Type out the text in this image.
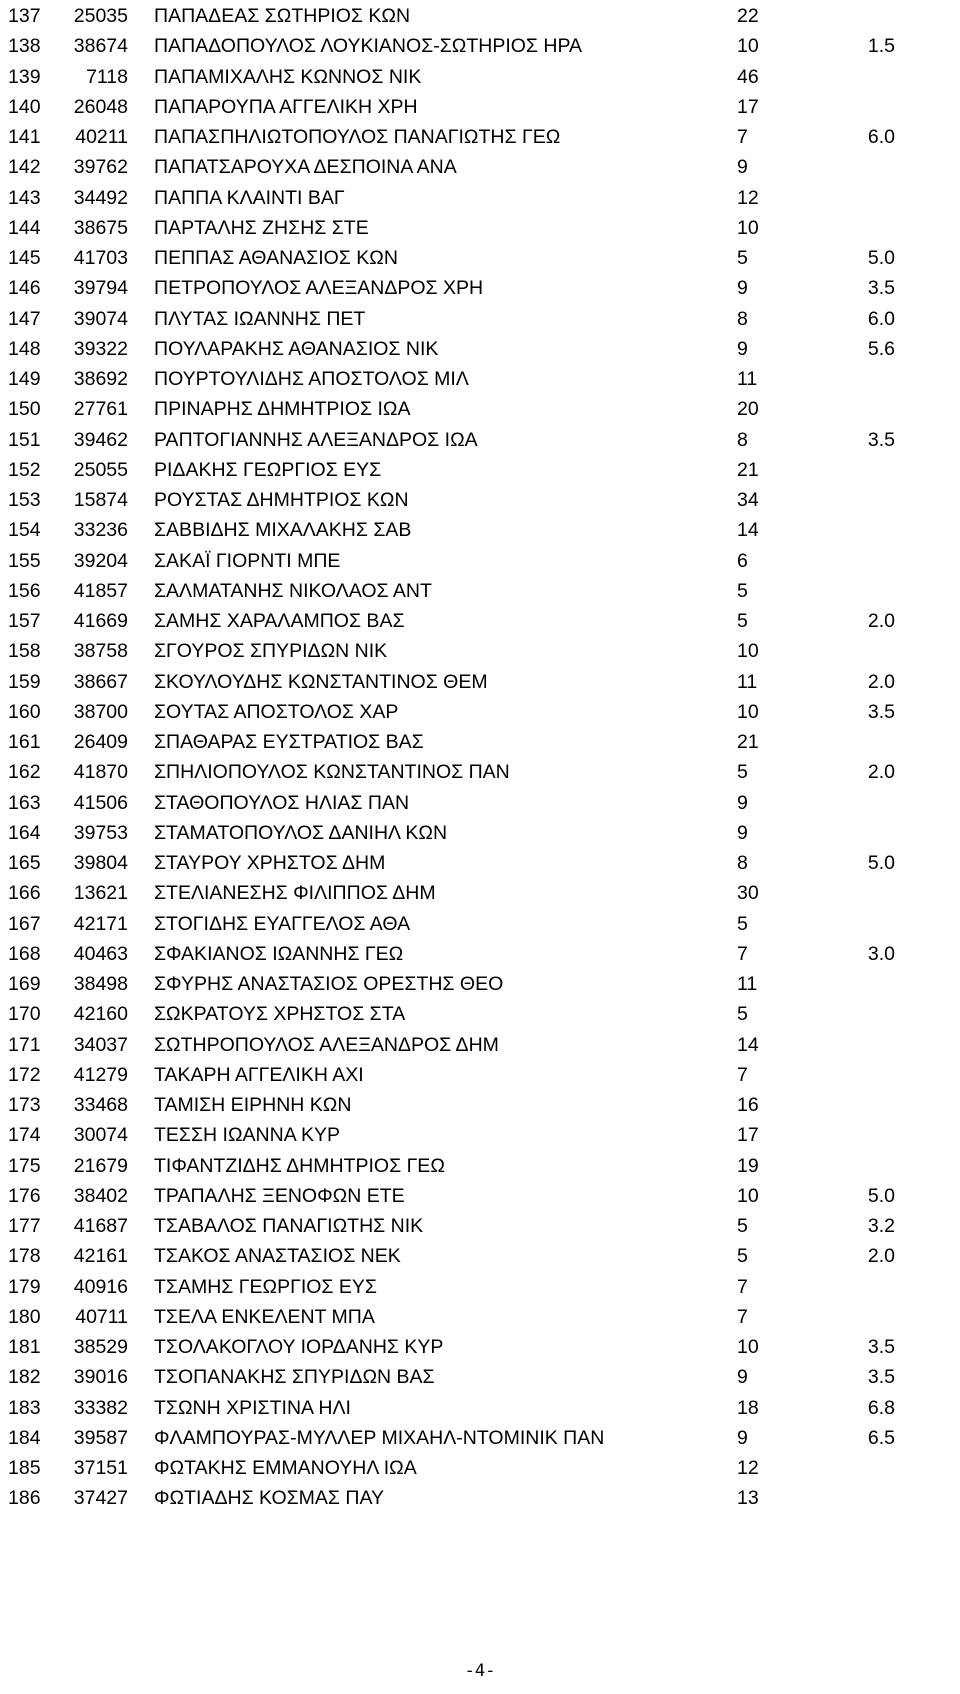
137	25035 ΠΑΠΑΔΕΑΣ ΣΩΤΗΡΙΟΣ ΚΩΝ	22
138	38674 ΠΑΠΑΔΟΠΟΥΛΟΣ ΛΟΥΚΙΑΝΟΣ-ΣΩΤΗΡΙΟΣ ΗΡΑ	10	1.5
139	7118 ΠΑΠΑΜΙΧΑΛΗΣ ΚΩΝΝΟΣ ΝΙΚ	46
140	26048 ΠΑΠΑΡΟΥΠΑ ΑΓΓΕΛΙΚΗ ΧΡΗ	17
141	40211 ΠΑΠΑΣΠΗΛΙΩΤΟΠΟΥΛΟΣ ΠΑΝΑΓΙΩΤΗΣ ΓΕΩ	7	6.0
142	39762 ΠΑΠΑΤΣΑΡΟΥΧΑ ΔΕΣΠΟΙΝΑ ΑΝΑ	9
143	34492 ΠΑΠΠΑ ΚΛΑΙΝΤΙ ΒΑΓ	12
144	38675 ΠΑΡΤΑΛΗΣ ΖΗΣΗΣ ΣΤΕ	10
145	41703 ΠΕΠΠΑΣ ΑΘΑΝΑΣΙΟΣ ΚΩΝ	5	5.0
146	39794 ΠΕΤΡΟΠΟΥΛΟΣ ΑΛΕΞΑΝΔΡΟΣ ΧΡΗ	9	3.5
147	39074 ΠΛΥΤΑΣ ΙΩΑΝΝΗΣ ΠΕΤ	8	6.0
148	39322 ΠΟΥΛΑΡΑΚΗΣ ΑΘΑΝΑΣΙΟΣ ΝΙΚ	9	5.6
149	38692 ΠΟΥΡΤΟΥΛΙΔΗΣ ΑΠΟΣΤΟΛΟΣ ΜΙΛ	11
150	27761 ΠΡΙΝΑΡΗΣ ΔΗΜΗΤΡΙΟΣ ΙΩΑ	20
151	39462 ΡΑΠΤΟΓΙΑΝΝΗΣ ΑΛΕΞΑΝΔΡΟΣ ΙΩΑ	8	3.5
152	25055 ΡΙΔΑΚΗΣ ΓΕΩΡΓΙΟΣ ΕΥΣ	21
153	15874 ΡΟΥΣΤΑΣ ΔΗΜΗΤΡΙΟΣ ΚΩΝ	34
154	33236 ΣΑΒΒΙΔΗΣ ΜΙΧΑΛΑΚΗΣ ΣΑΒ	14
155	39204 ΣΑΚΑΪ ΓΙΟΡΝΤΙ ΜΠΕ	6
156	41857 ΣΑΛΜΑΤΑΝΗΣ ΝΙΚΟΛΑΟΣ ΑΝΤ	5
157	41669 ΣΑΜΗΣ ΧΑΡΑΛΑΜΠΟΣ ΒΑΣ	5	2.0
158	38758 ΣΓΟΥΡΟΣ ΣΠΥΡΙΔΩΝ ΝΙΚ	10
159	38667 ΣΚΟΥΛΟΥΔΗΣ ΚΩΝΣΤΑΝΤΙΝΟΣ ΘΕΜ	11	2.0
160	38700 ΣΟΥΤΑΣ ΑΠΟΣΤΟΛΟΣ ΧΑΡ	10	3.5
161	26409 ΣΠΑΘΑΡΑΣ ΕΥΣΤΡΑΤΙΟΣ ΒΑΣ	21
162	41870 ΣΠΗΛΙΟΠΟΥΛΟΣ ΚΩΝΣΤΑΝΤΙΝΟΣ ΠΑΝ	5	2.0
163	41506 ΣΤΑΘΟΠΟΥΛΟΣ ΗΛΙΑΣ ΠΑΝ	9
164	39753 ΣΤΑΜΑΤΟΠΟΥΛΟΣ ΔΑΝΙΗΛ ΚΩΝ	9
165	39804 ΣΤΑΥΡΟΥ ΧΡΗΣΤΟΣ ΔΗΜ	8	5.0
166	13621 ΣΤΕΛΙΑΝΕΣΗΣ ΦΙΛΙΠΠΟΣ ΔΗΜ	30
167	42171 ΣΤΟΓΙΔΗΣ ΕΥΑΓΓΕΛΟΣ ΑΘΑ	5
168	40463 ΣΦΑΚΙΑΝΟΣ ΙΩΑΝΝΗΣ ΓΕΩ	7	3.0
169	38498 ΣΦΥΡΗΣ ΑΝΑΣΤΑΣΙΟΣ ΟΡΕΣΤΗΣ ΘΕΟ	11
170	42160 ΣΩΚΡΑΤΟΥΣ ΧΡΗΣΤΟΣ ΣΤΑ	5
171	34037 ΣΩΤΗΡΟΠΟΥΛΟΣ ΑΛΕΞΑΝΔΡΟΣ ΔΗΜ	14
172	41279 ΤΑΚΑΡΗ ΑΓΓΕΛΙΚΗ ΑΧΙ	7
173	33468 ΤΑΜΙΣΗ ΕΙΡΗΝΗ ΚΩΝ	16
174	30074 ΤΕΣΣΗ ΙΩΑΝΝΑ ΚΥΡ	17
175	21679 ΤΙΦΑΝΤΖΙΔΗΣ ΔΗΜΗΤΡΙΟΣ ΓΕΩ	19
176	38402 ΤΡΑΠΑΛΗΣ ΞΕΝΟΦΩΝ ΕΤΕ	10	5.0
177	41687 ΤΣΑΒΑΛΟΣ ΠΑΝΑΓΙΩΤΗΣ ΝΙΚ	5	3.2
178	42161 ΤΣΑΚΟΣ ΑΝΑΣΤΑΣΙΟΣ ΝΕΚ	5	2.0
179	40916 ΤΣΑΜΗΣ ΓΕΩΡΓΙΟΣ ΕΥΣ	7
180	40711 ΤΣΕΛΑ ΕΝΚΕΛΕΝΤ ΜΠΑ	7
181	38529 ΤΣΟΛΑΚΟΓΛΟΥ ΙΟΡΔΑΝΗΣ ΚΥΡ	10	3.5
182	39016 ΤΣΟΠΑΝΑΚΗΣ ΣΠΥΡΙΔΩΝ ΒΑΣ	9	3.5
183	33382 ΤΣΩΝΗ ΧΡΙΣΤΙΝΑ ΗΛΙ	18	6.8
184	39587 ΦΛΑΜΠΟΥΡΑΣ-ΜΥΛΛΕΡ ΜΙΧΑΗΛ-ΝΤΟΜΙΝΙΚ ΠΑΝ	9	6.5
185	37151 ΦΩΤΑΚΗΣ ΕΜΜΑΝΟΥΗΛ ΙΩΑ	12
186	37427 ΦΩΤΙΑΔΗΣ ΚΟΣΜΑΣ ΠΑΥ	13
-4-
